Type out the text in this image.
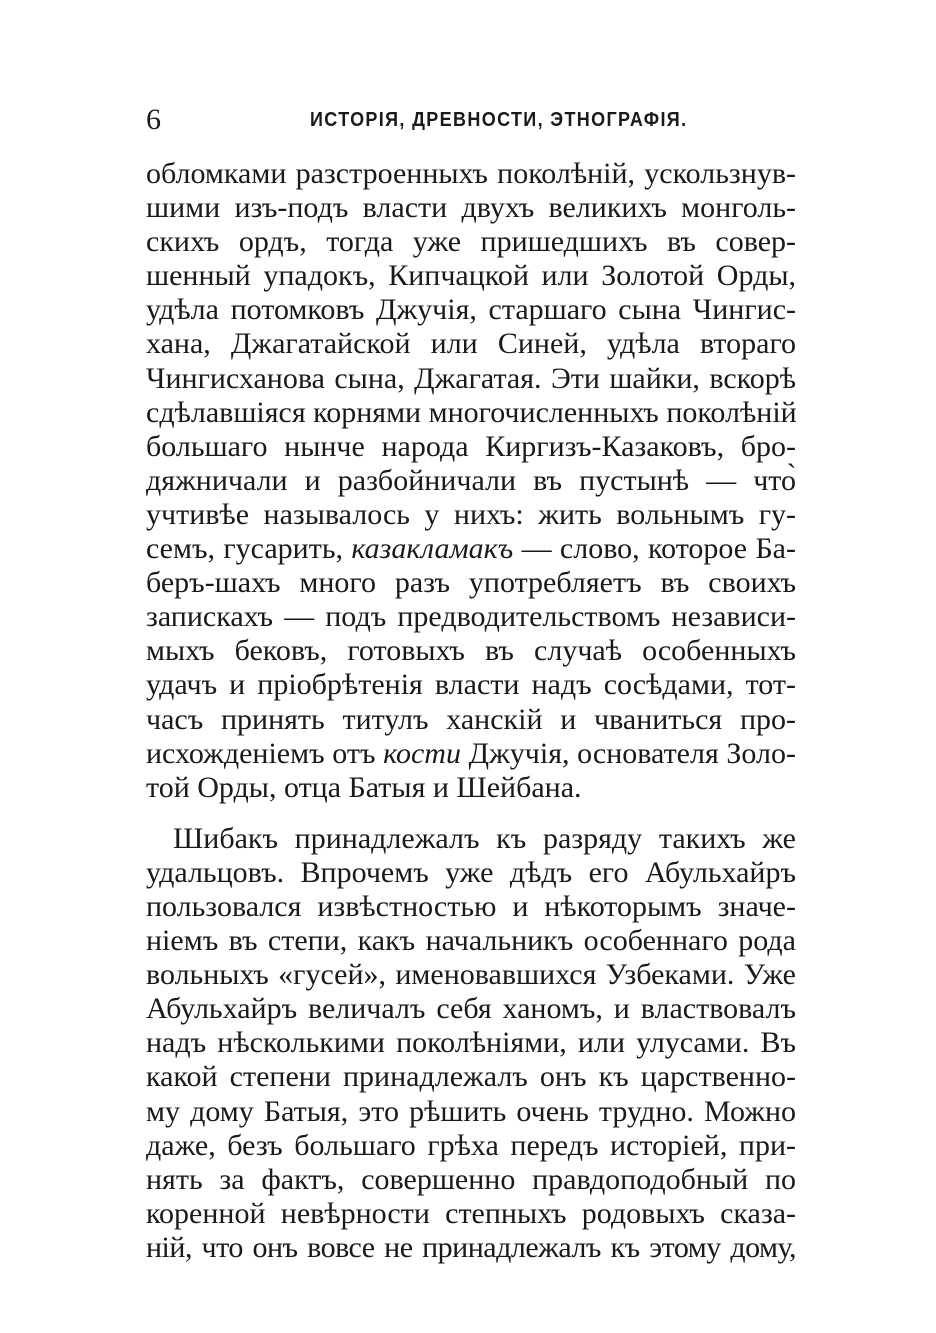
6	ИСТОРІЯ, ДРЕВНОСТИ, ЭТНОГРАФІЯ.
обломками разстроенныхъ поколѣній, ускользнув-
шими изъ-подъ власти двухъ великихъ монголь-
скихъ ордъ, тогда уже пришедшихъ въ совер-
шенный упадокъ, Кипчацкой или Золотой Орды,
удѣла потомковъ Джучія, старшаго сына Чингис-
хана, Джагатайской или Синей, удѣла втораго
Чингисханова сына, Джагатая. Эти шайки, вскорѣ
сдѣлавшіяся корнями многочисленныхъ поколѣній
большаго нынче народа Киргизъ-Казаковъ, бро-
дяжничали и разбойничали въ пустынѣ — что̀
учтивѣе называлось у нихъ: жить вольнымъ гу-
семъ, гусарить, казакламакъ — слово, которое Ба-
беръ-шахъ много разъ употребляетъ въ своихъ
запискахъ — подъ предводительствомъ независи-
мыхъ бековъ, готовыхъ въ случаѣ особенныхъ
удачъ и пріобрѣтенія власти надъ сосѣдами, тот-
часъ принять титулъ ханскій и чваниться про-
исхожденіемъ отъ кости Джучія, основателя Золо-
той Орды, отца Батыя и Шейбана.
Шибакъ принадлежалъ къ разряду такихъ же
удальцовъ. Впрочемъ уже дѣдъ его Абульхайръ
пользовался извѣстностью и нѣкоторымъ значе-
ніемъ въ степи, какъ начальникъ особеннаго рода
вольныхъ «гусей», именовавшихся Узбеками. Уже
Абульхайръ величалъ себя ханомъ, и властвовалъ
надъ нѣсколькими поколѣніями, или улусами. Въ
какой степени принадлежалъ онъ къ царственно-
му дому Батыя, это рѣшить очень трудно. Можно
даже, безъ большаго грѣха передъ исторіей, при-
нять за фактъ, совершенно правдоподобный по
коренной невѣрности степныхъ родовыхъ сказа-
ній, что онъ вовсе не принадлежалъ къ этому дому,
